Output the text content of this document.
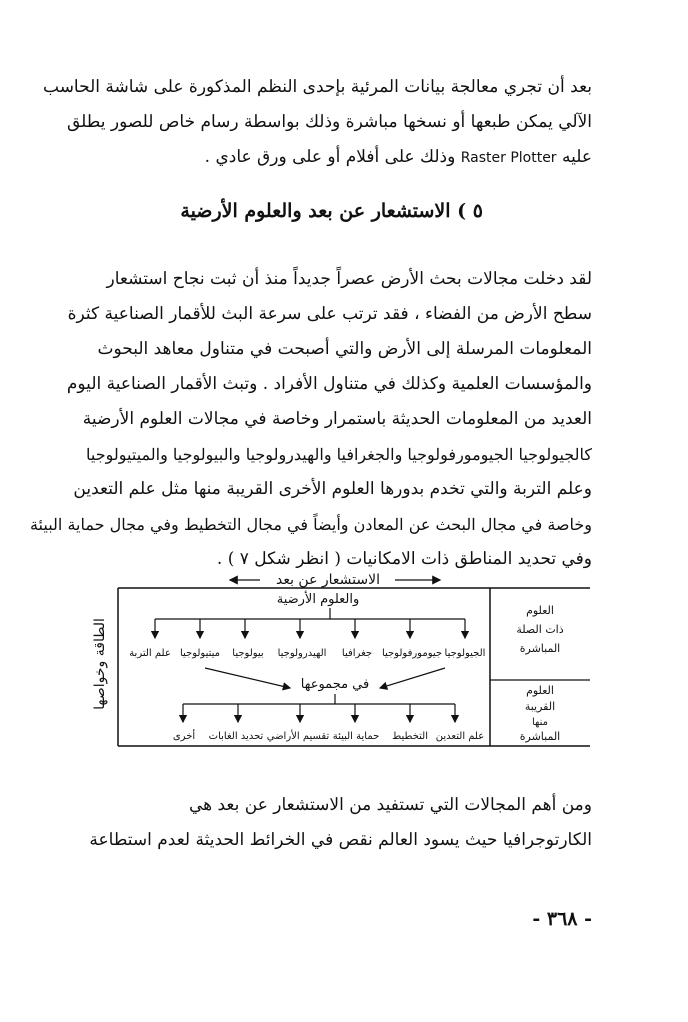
بعد أن تجري معالجة بيانات المرئية بإحدى النظم المذكورة على شاشة الحاسب
الآلي يمكن طبعها أو نسخها مباشرة وذلك بواسطة رسام خاص للصور يطلق
عليه Raster Plotter وذلك على أفلام أو على ورق عادي .
٥ ) الاستشعار عن بعد والعلوم الأرضية
لقد دخلت مجالات بحث الأرض عصراً جديداً منذ أن ثبت نجاح استشعار
سطح الأرض من الفضاء ، فقد ترتب على سرعة البث للأقمار الصناعية كثرة
المعلومات المرسلة إلى الأرض والتي أصبحت في متناول معاهد البحوث
والمؤسسات العلمية وكذلك في متناول الأفراد . وتبث الأقمار الصناعية اليوم
العديد من المعلومات الحديثة باستمرار وخاصة في مجالات العلوم الأرضية
كالجيولوجيا الجيومورفولوجيا والجغرافيا والهيدرولوجيا والبيولوجيا والميتيولوجيا
وعلم التربة والتي تخدم بدورها العلوم الأخرى القريبة منها مثل علم التعدين
وخاصة في مجال البحث عن المعادن وأيضاً في مجال التخطيط وفي مجال حماية البيئة
وفي تحديد المناطق ذات الامكانيات ( انظر شكل ٧ ) .
الاستشعار عن بعد
والعلوم الأرضية
العلوم
ذات الصلة
المباشرة
العلوم
القريبة
منها
المباشرة
الطاقة وخواصها	الجيولوجيا
جيومورفولوجيا
جغرافيا
الهيدرولوجيا
بيولوجيا
ميتيولوجيا
علم التربة
في مجموعها
علم التعدين
التخطيط
حماية البيئة
تقسيم الأراضي
تحديد الغابات
أخرى
ومن أهم المجالات التي تستفيد من الاستشعار عن بعد هي
الكارتوجرافيا حيث يسود العالم نقص في الخرائط الحديثة لعدم استطاعة
- ٣٦٨ -
